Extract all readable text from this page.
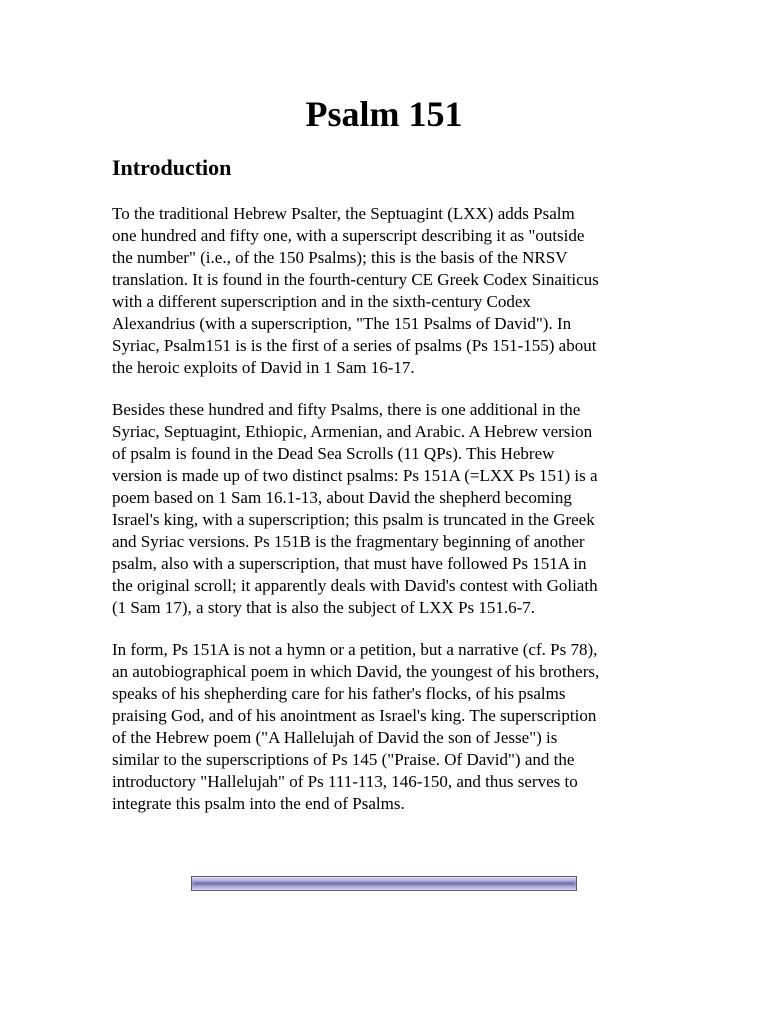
Psalm 151
Introduction

To the traditional Hebrew Psalter, the Septuagint (LXX) adds Psalm
one hundred and fifty one, with a superscript describing it as "outside
the number" (i.e., of the 150 Psalms); this is the basis of the NRSV
translation. It is found in the fourth-century CE Greek Codex Sinaiticus
with a different superscription and in the sixth-century Codex
Alexandrius (with a superscription, "The 151 Psalms of David"). In
Syriac, Psalm151 is is the first of a series of psalms (Ps 151-155) about
the heroic exploits of David in 1 Sam 16-17.

Besides these hundred and fifty Psalms, there is one additional in the
Syriac, Septuagint, Ethiopic, Armenian, and Arabic. A Hebrew version
of psalm is found in the Dead Sea Scrolls (11 QPs). This Hebrew
version is made up of two distinct psalms: Ps 151A (=LXX Ps 151) is a
poem based on 1 Sam 16.1-13, about David the shepherd becoming
Israel's king, with a superscription; this psalm is truncated in the Greek
and Syriac versions. Ps 151B is the fragmentary beginning of another
psalm, also with a superscription, that must have followed Ps 151A in
the original scroll; it apparently deals with David's contest with Goliath
(1 Sam 17), a story that is also the subject of LXX Ps 151.6-7.

In form, Ps 151A is not a hymn or a petition, but a narrative (cf. Ps 78),
an autobiographical poem in which David, the youngest of his brothers,
speaks of his shepherding care for his father's flocks, of his psalms
praising God, and of his anointment as Israel's king. The superscription
of the Hebrew poem ("A Hallelujah of David the son of Jesse") is
similar to the superscriptions of Ps 145 ("Praise. Of David") and the
introductory "Hallelujah" of Ps 111-113, 146-150, and thus serves to
integrate this psalm into the end of Psalms.
